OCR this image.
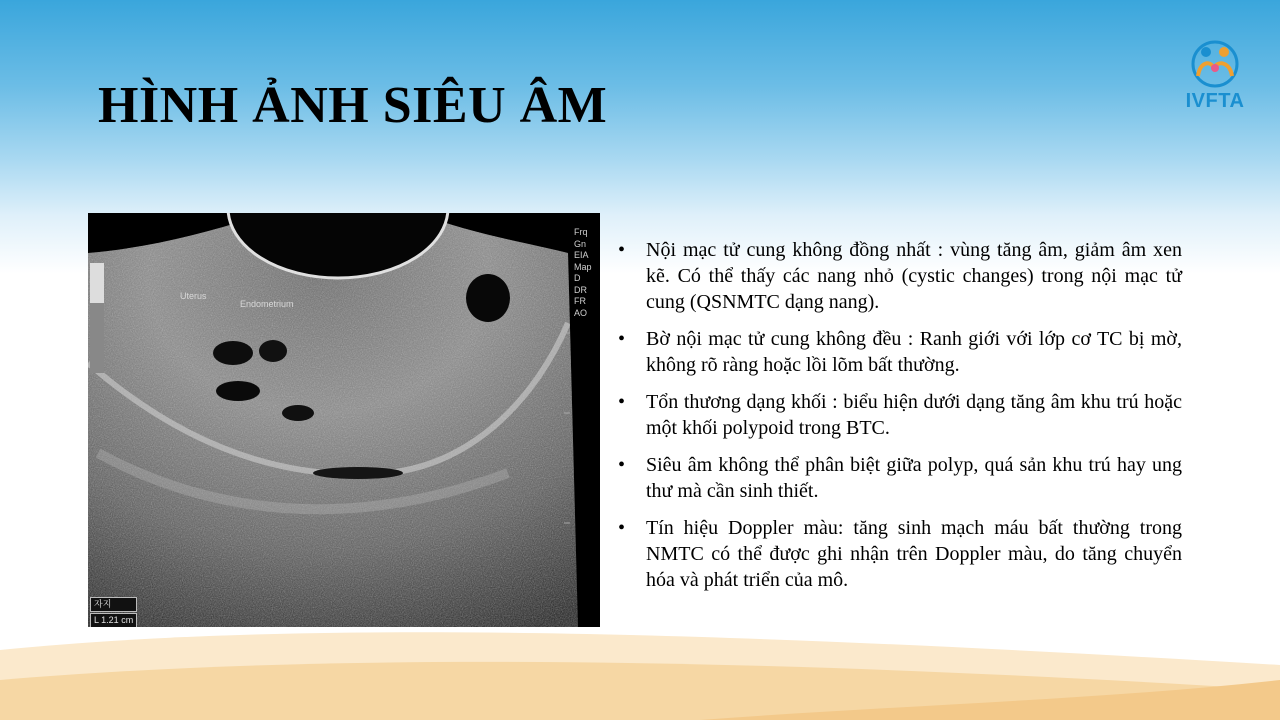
HÌNH ẢNH SIÊU ÂM	IVFTA
Uterus
Endometrium
Frq
Gn
EIA
Map
D
DR
FR
AO
자지
L 1.21 cm
•	Nội mạc tử cung không đồng nhất : vùng tăng âm, giảm âm xen kẽ. Có thể thấy các nang nhỏ (cystic changes) trong nội mạc tử cung (QSNMTC dạng nang).
•	Bờ nội mạc tử cung không đều : Ranh giới với lớp cơ TC bị mờ, không rõ ràng hoặc lồi lõm bất thường.
•	Tổn thương dạng khối : biểu hiện dưới dạng tăng âm khu trú hoặc một khối polypoid trong BTC.
•	Siêu âm không thể phân biệt giữa polyp, quá sản khu trú hay ung thư mà cần sinh thiết.
•	Tín hiệu Doppler màu: tăng sinh mạch máu bất thường trong NMTC có thể được ghi nhận trên Doppler màu, do tăng chuyển hóa và phát triển của mô.
